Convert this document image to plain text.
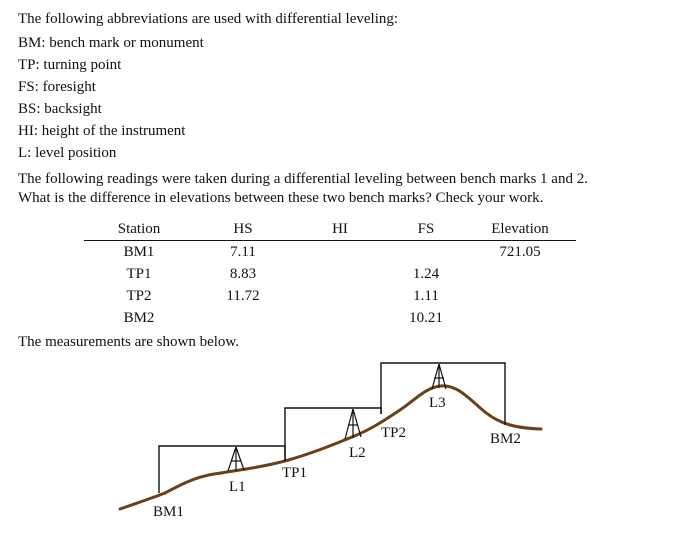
The following abbreviations are used with differential leveling:
BM: bench mark or monument
TP: turning point
FS: foresight
BS: backsight
HI: height of the instrument
L: level position
The following readings were taken during a differential leveling between bench marks 1 and 2.
What is the difference in elevations between these two bench marks? Check your work.
Station	HS	HI	FS	Elevation
BM1	7.11			721.05
TP1	8.83		1.24	
TP2	11.72		1.11	
BM2			10.21	
The measurements are shown below.
BM1
L1
TP1
L2
TP2
L3
BM2
